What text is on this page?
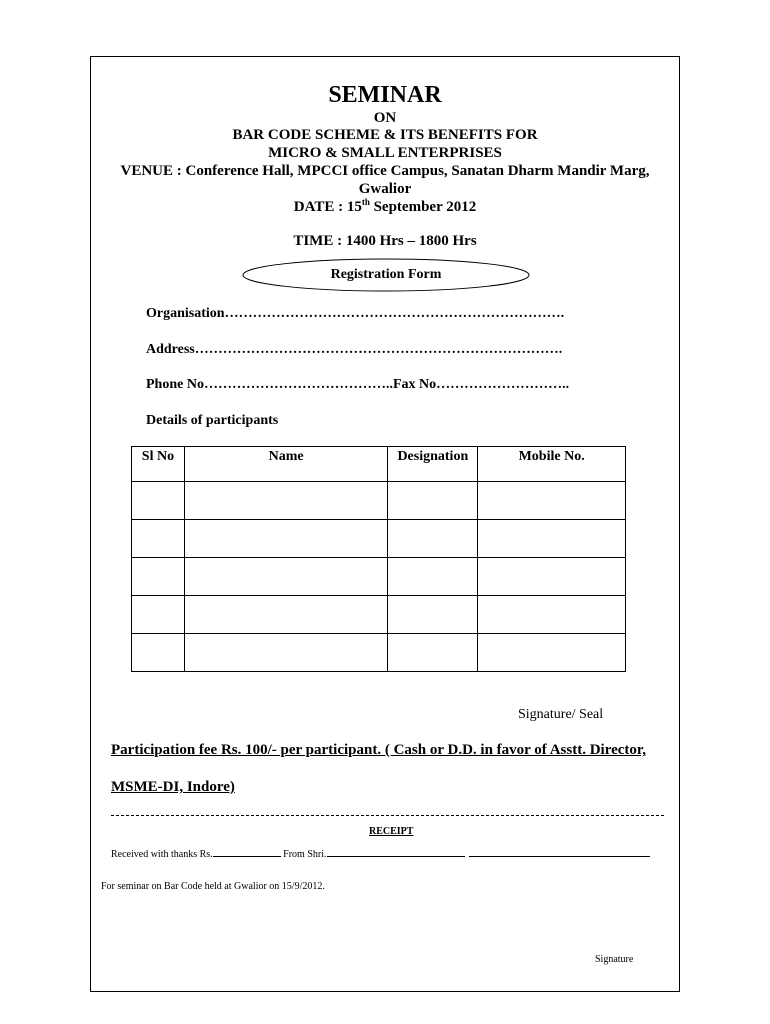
SEMINAR
ON
BAR CODE SCHEME & ITS BENEFITS FOR
MICRO & SMALL ENTERPRISES
VENUE : Conference Hall, MPCCI office Campus, Sanatan Dharm Mandir Marg,
Gwalior
DATE : 15th September 2012
TIME : 1400 Hrs – 1800 Hrs
Registration Form
Organisation……………………………………………………………….
Address…………………………………………………………………….
Phone No…………………………………..Fax No………………………..
Details of participants
Sl No	Name	Designation	Mobile No.

Signature/ Seal
Participation fee Rs. 100/- per participant. ( Cash or D.D. in favor of Asstt. Director,
MSME-DI, Indore)
RECEIPT
Received with thanks Rs.	From Shri.
For seminar on Bar Code held at Gwalior on 15/9/2012.
Signature
